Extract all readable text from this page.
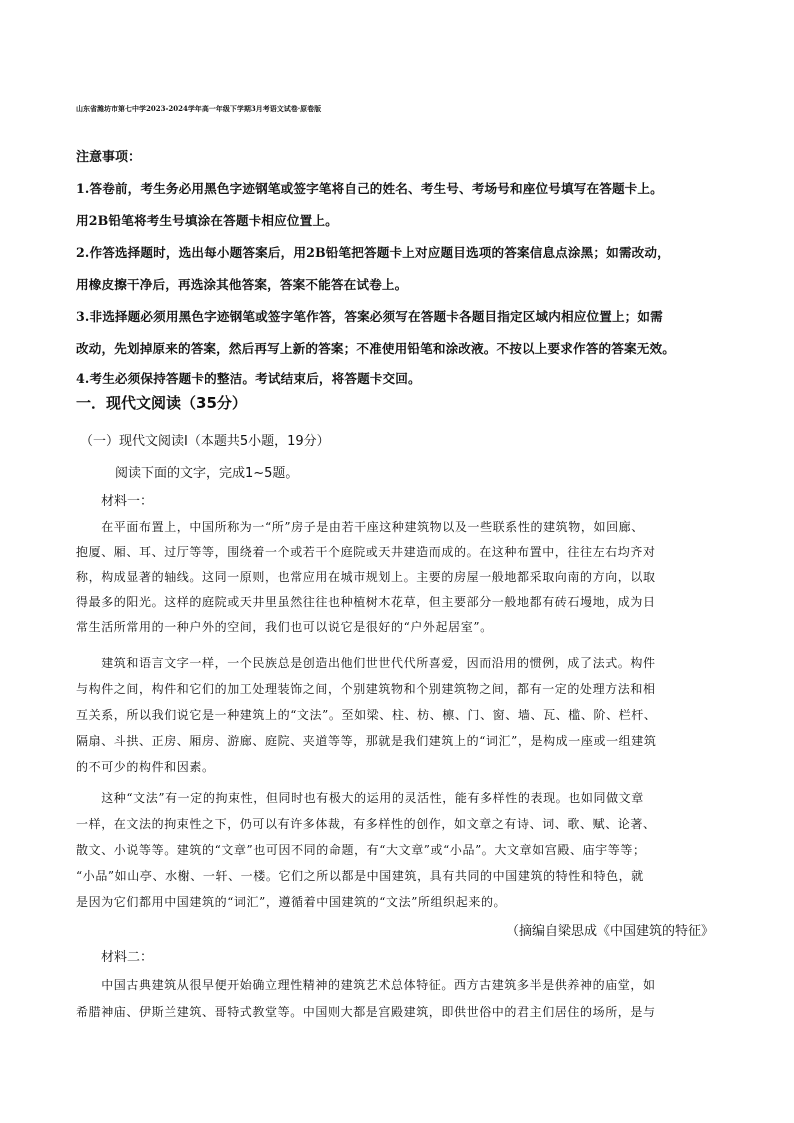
山东省潍坊市第七中学2023-2024学年高一年级下学期3月考语文试卷·原卷版
注意事项：
1.答卷前，考生务必用黑色字迹钢笔或签字笔将自己的姓名、考生号、考场号和座位号填写在答题卡上。
用2B铅笔将考生号填涂在答题卡相应位置上。
2.作答选择题时，选出每小题答案后，用2B铅笔把答题卡上对应题目选项的答案信息点涂黑；如需改动，
用橡皮擦干净后，再选涂其他答案，答案不能答在试卷上。
3.非选择题必须用黑色字迹钢笔或签字笔作答，答案必须写在答题卡各题目指定区域内相应位置上；如需
改动，先划掉原来的答案，然后再写上新的答案；不准使用铅笔和涂改液。不按以上要求作答的答案无效。
4.考生必须保持答题卡的整洁。考试结束后，将答题卡交回。
一．现代文阅读（35分）
（一）现代文阅读Ⅰ（本题共5小题，19分）
阅读下面的文字，完成1~5题。
材料一：
　　在平面布置上，中国所称为一“所”房子是由若干座这种建筑物以及一些联系性的建筑物，如回廊、
抱厦、厢、耳、过厅等等，围绕着一个或若干个庭院或天井建造而成的。在这种布置中，往往左右均齐对
称，构成显著的轴线。这同一原则，也常应用在城市规划上。主要的房屋一般地都采取向南的方向，以取
得最多的阳光。这样的庭院或天井里虽然往往也种植树木花草，但主要部分一般地都有砖石墁地，成为日
常生活所常用的一种户外的空间，我们也可以说它是很好的“户外起居室”。
　　建筑和语言文字一样，一个民族总是创造出他们世世代代所喜爱，因而沿用的惯例，成了法式。构件
与构件之间，构件和它们的加工处理装饰之间，个别建筑物和个别建筑物之间，都有一定的处理方法和相
互关系，所以我们说它是一种建筑上的“文法”。至如梁、柱、枋、檩、门、窗、墙、瓦、槛、阶、栏杆、
隔扇、斗拱、正房、厢房、游廊、庭院、夹道等等，那就是我们建筑上的“词汇”，是构成一座或一组建筑
的不可少的构件和因素。
　　这种“文法”有一定的拘束性，但同时也有极大的运用的灵活性，能有多样性的表现。也如同做文章
一样，在文法的拘束性之下，仍可以有许多体裁，有多样性的创作，如文章之有诗、词、歌、赋、论著、
散文、小说等等。建筑的“文章”也可因不同的命题，有“大文章”或“小品”。大文章如宫殿、庙宇等等；
“小品”如山亭、水榭、一轩、一楼。它们之所以都是中国建筑，具有共同的中国建筑的特性和特色，就
是因为它们都用中国建筑的“词汇”，遵循着中国建筑的“文法”所组织起来的。
（摘编自梁思成《中国建筑的特征》
材料二：
　　中国古典建筑从很早便开始确立理性精神的建筑艺术总体特征。西方古建筑多半是供养神的庙堂，如
希腊神庙、伊斯兰建筑、哥特式教堂等。中国则大都是宫殿建筑，即供世俗中的君主们居住的场所，是与
